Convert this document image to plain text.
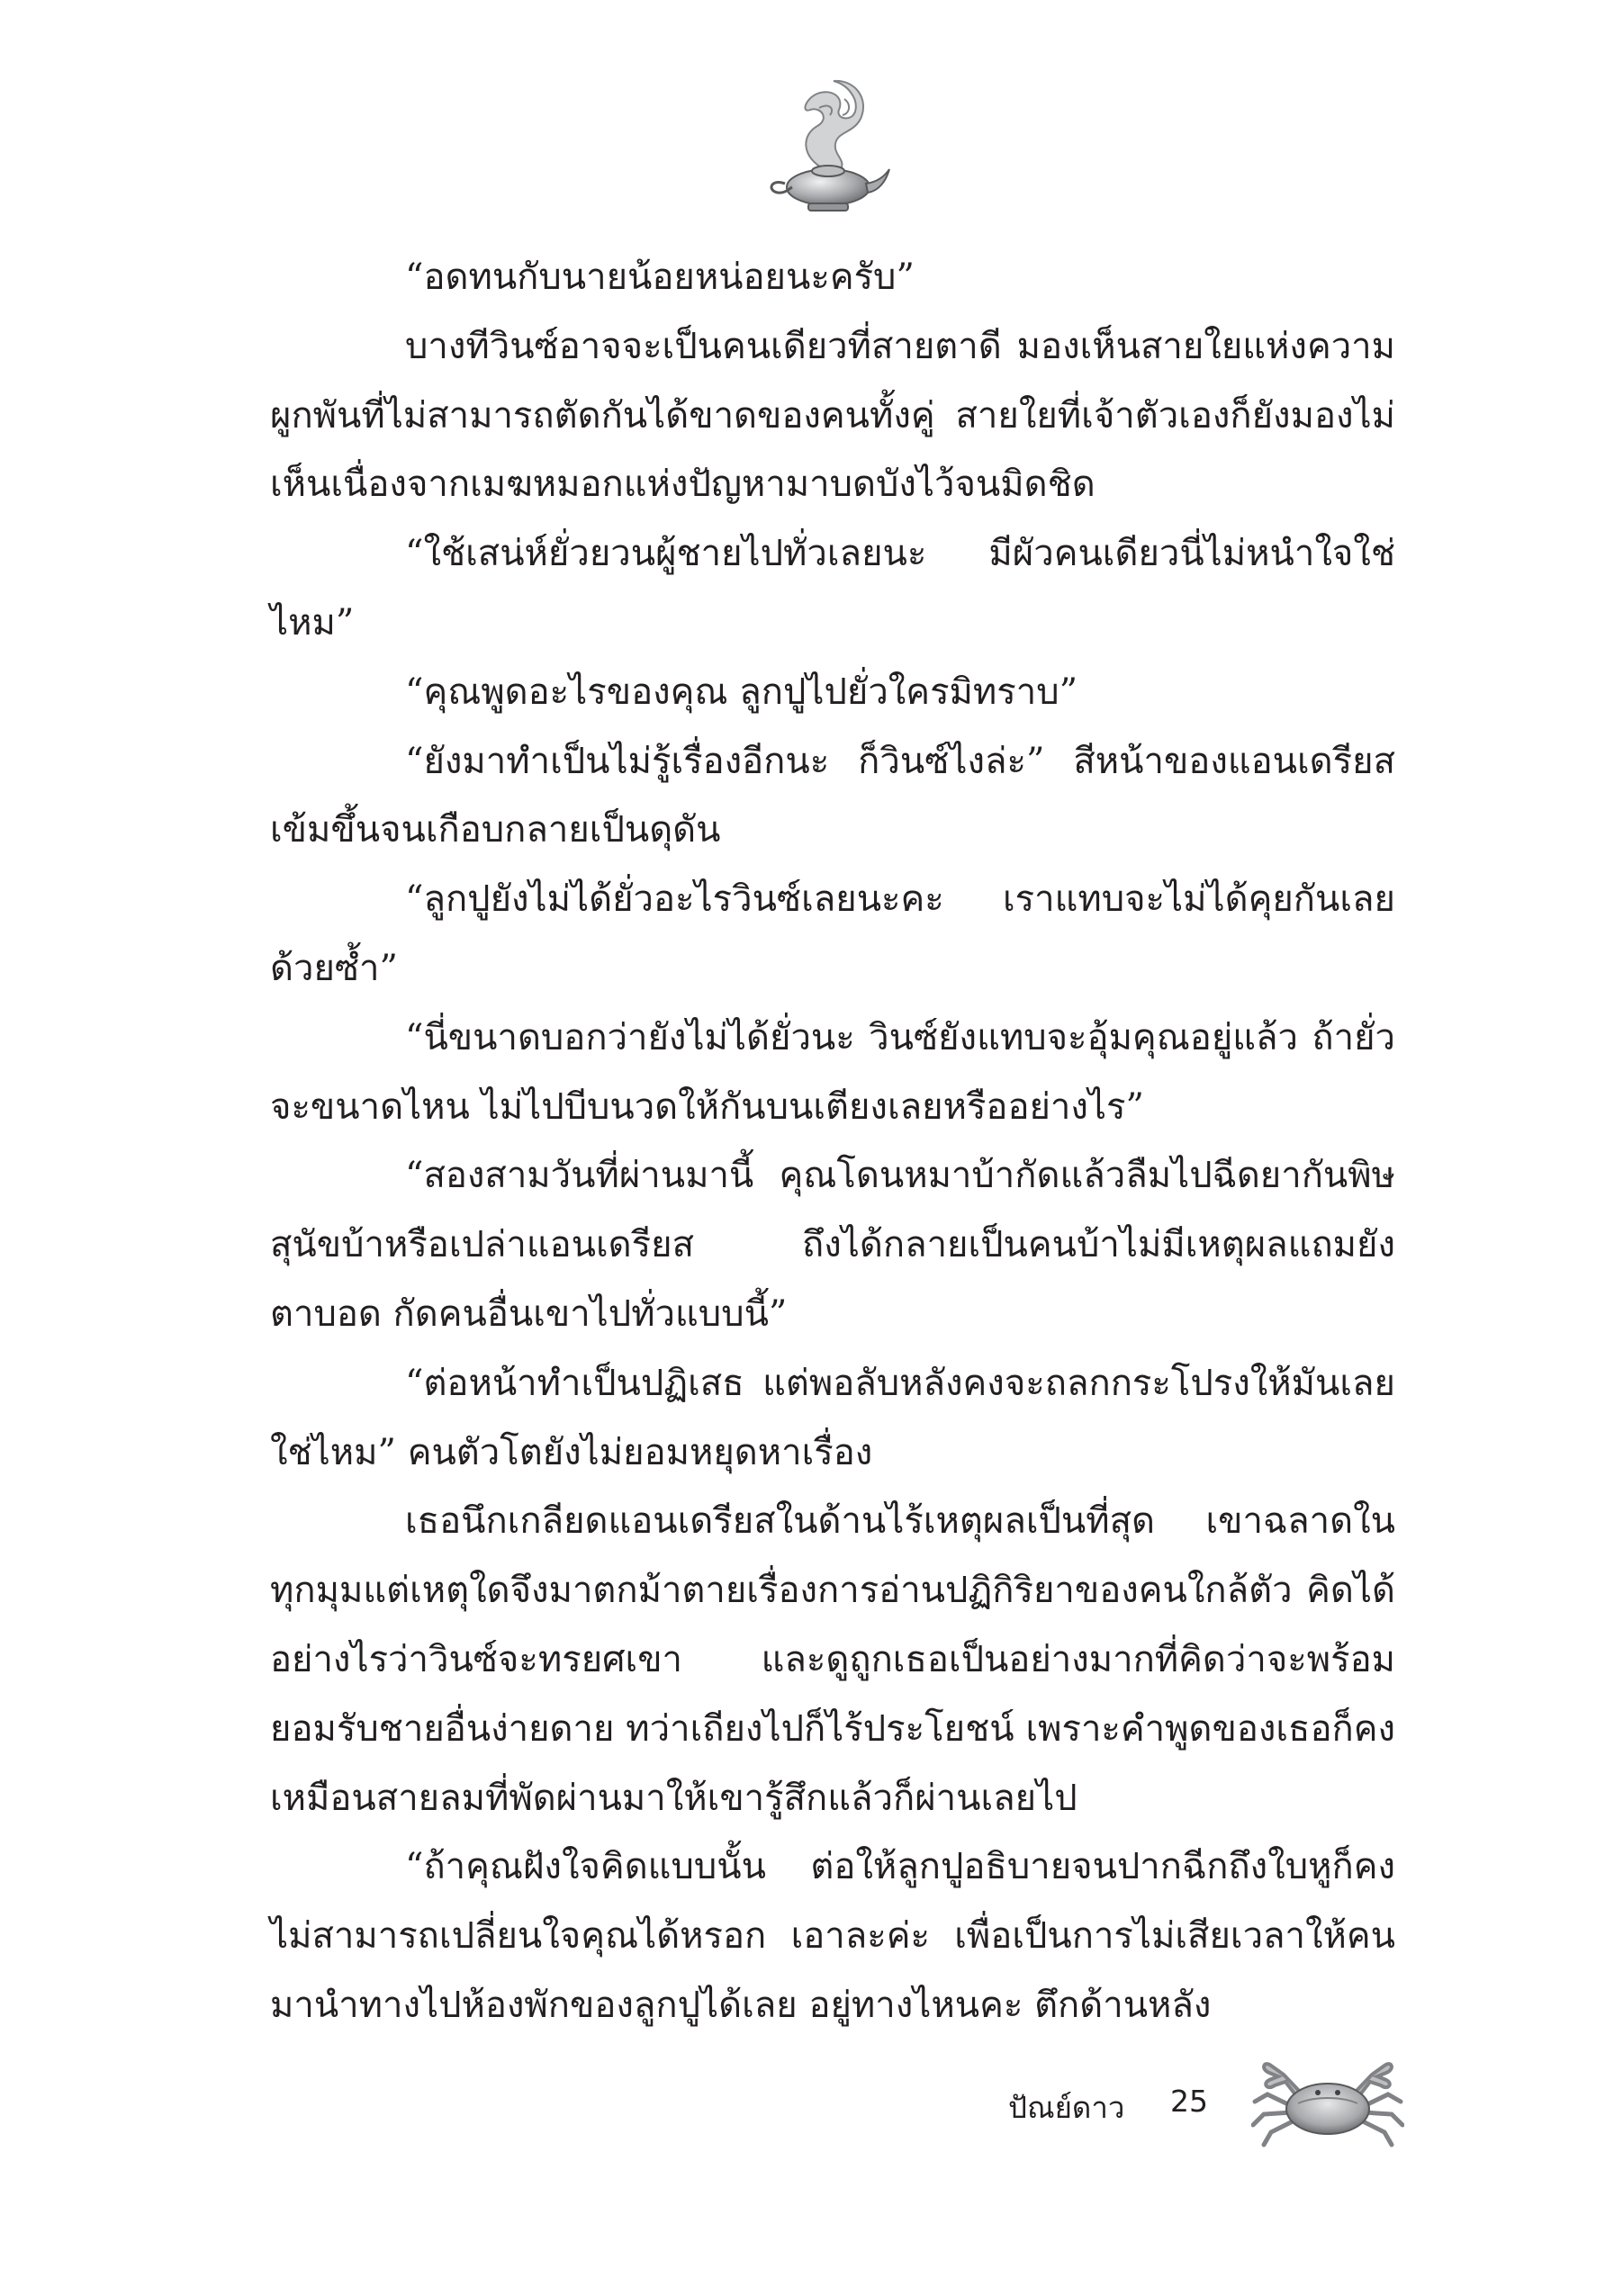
“อดทนกับนายน้อยหน่อยนะครับ”

บางทีวินซ์อาจจะเป็นคนเดียวที่สายตาดี มองเห็นสายใยแห่งความผูกพันที่ไม่สามารถตัดกันได้ขาดของคนทั้งคู่ สายใยที่เจ้าตัวเองก็ยังมองไม่เห็นเนื่องจากเมฆหมอกแห่งปัญหามาบดบังไว้จนมิดชิด

“ใช้เสน่ห์ยั่วยวนผู้ชายไปทั่วเลยนะ มีผัวคนเดียวนี่ไม่หนำใจใช่ไหม”

“คุณพูดอะไรของคุณ ลูกปูไปยั่วใครมิทราบ”

“ยังมาทำเป็นไม่รู้เรื่องอีกนะ ก็วินซ์ไงล่ะ” สีหน้าของแอนเดรียสเข้มขึ้นจนเกือบกลายเป็นดุดัน

“ลูกปูยังไม่ได้ยั่วอะไรวินซ์เลยนะคะ เราแทบจะไม่ได้คุยกันเลยด้วยซ้ำ”

“นี่ขนาดบอกว่ายังไม่ได้ยั่วนะ วินซ์ยังแทบจะอุ้มคุณอยู่แล้ว ถ้ายั่วจะขนาดไหน ไม่ไปบีบนวดให้กันบนเตียงเลยหรืออย่างไร”

“สองสามวันที่ผ่านมานี้ คุณโดนหมาบ้ากัดแล้วลืมไปฉีดยากันพิษสุนัขบ้าหรือเปล่าแอนเดรียส ถึงได้กลายเป็นคนบ้าไม่มีเหตุผลแถมยังตาบอด กัดคนอื่นเขาไปทั่วแบบนี้”

“ต่อหน้าทำเป็นปฏิเสธ แต่พอลับหลังคงจะถลกกระโปรงให้มันเลยใช่ไหม” คนตัวโตยังไม่ยอมหยุดหาเรื่อง

เธอนึกเกลียดแอนเดรียสในด้านไร้เหตุผลเป็นที่สุด เขาฉลาดในทุกมุมแต่เหตุใดจึงมาตกม้าตายเรื่องการอ่านปฏิกิริยาของคนใกล้ตัว คิดได้อย่างไรว่าวินซ์จะทรยศเขา และดูถูกเธอเป็นอย่างมากที่คิดว่าจะพร้อมยอมรับชายอื่นง่ายดาย ทว่าเถียงไปก็ไร้ประโยชน์ เพราะคำพูดของเธอก็คงเหมือนสายลมที่พัดผ่านมาให้เขารู้สึกแล้วก็ผ่านเลยไป

“ถ้าคุณฝังใจคิดแบบนั้น ต่อให้ลูกปูอธิบายจนปากฉีกถึงใบหูก็คงไม่สามารถเปลี่ยนใจคุณได้หรอก เอาละค่ะ เพื่อเป็นการไม่เสียเวลาให้คนมานำทางไปห้องพักของลูกปูได้เลย อยู่ทางไหนคะ ตึกด้านหลัง

ปัณย์ดาว 25
